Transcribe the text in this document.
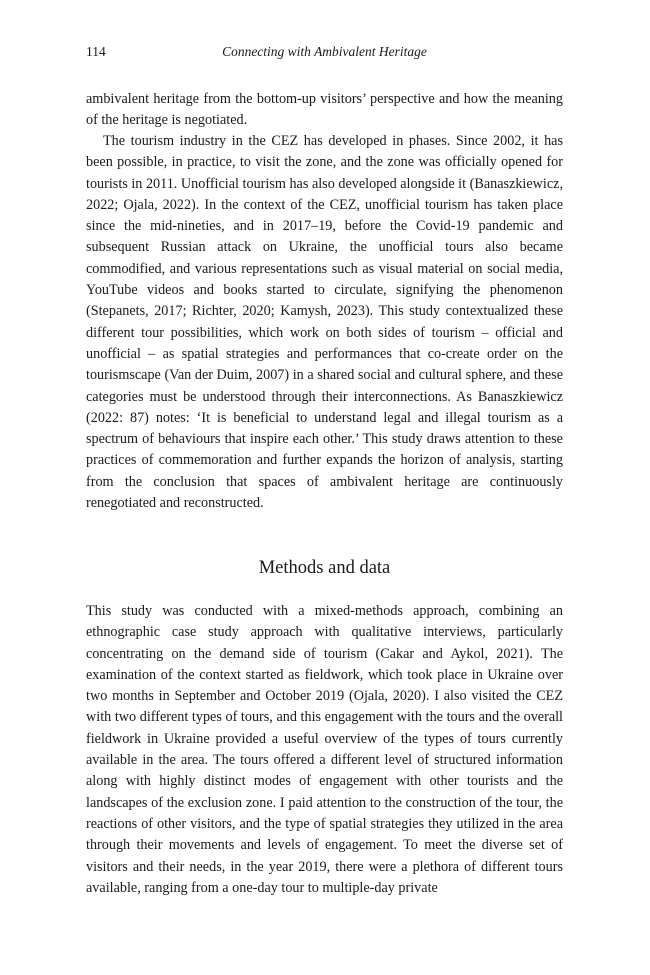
114	Connecting with Ambivalent Heritage

ambivalent heritage from the bottom-up visitors’ perspective and how the meaning of the heritage is negotiated.

The tourism industry in the CEZ has developed in phases. Since 2002, it has been possible, in practice, to visit the zone, and the zone was officially opened for tourists in 2011. Unofficial tourism has also developed alongside it (Banaszkiewicz, 2022; Ojala, 2022). In the context of the CEZ, unofficial tourism has taken place since the mid-nineties, and in 2017–19, before the Covid-19 pandemic and subsequent Russian attack on Ukraine, the unofficial tours also became commodified, and various representations such as visual material on social media, YouTube videos and books started to circulate, signifying the phenomenon (Stepanets, 2017; Richter, 2020; Kamysh, 2023). This study contextualized these different tour possibilities, which work on both sides of tourism – official and unofficial – as spatial strategies and performances that co-create order on the tourismscape (Van der Duim, 2007) in a shared social and cultural sphere, and these categories must be understood through their interconnections. As Banaszkiewicz (2022: 87) notes: ‘It is beneficial to understand legal and illegal tourism as a spectrum of behaviours that inspire each other.’ This study draws attention to these practices of commemoration and further expands the horizon of analysis, starting from the conclusion that spaces of ambivalent heritage are continuously renegotiated and reconstructed.

Methods and data

This study was conducted with a mixed-methods approach, combining an ethnographic case study approach with qualitative interviews, particularly concentrating on the demand side of tourism (Cakar and Aykol, 2021). The examination of the context started as fieldwork, which took place in Ukraine over two months in September and October 2019 (Ojala, 2020). I also visited the CEZ with two different types of tours, and this engagement with the tours and the overall fieldwork in Ukraine provided a useful overview of the types of tours currently available in the area. The tours offered a different level of structured information along with highly distinct modes of engagement with other tourists and the landscapes of the exclusion zone. I paid attention to the construction of the tour, the reactions of other visitors, and the type of spatial strategies they utilized in the area through their movements and levels of engagement. To meet the diverse set of visitors and their needs, in the year 2019, there were a plethora of different tours available, ranging from a one-day tour to multiple-day private
